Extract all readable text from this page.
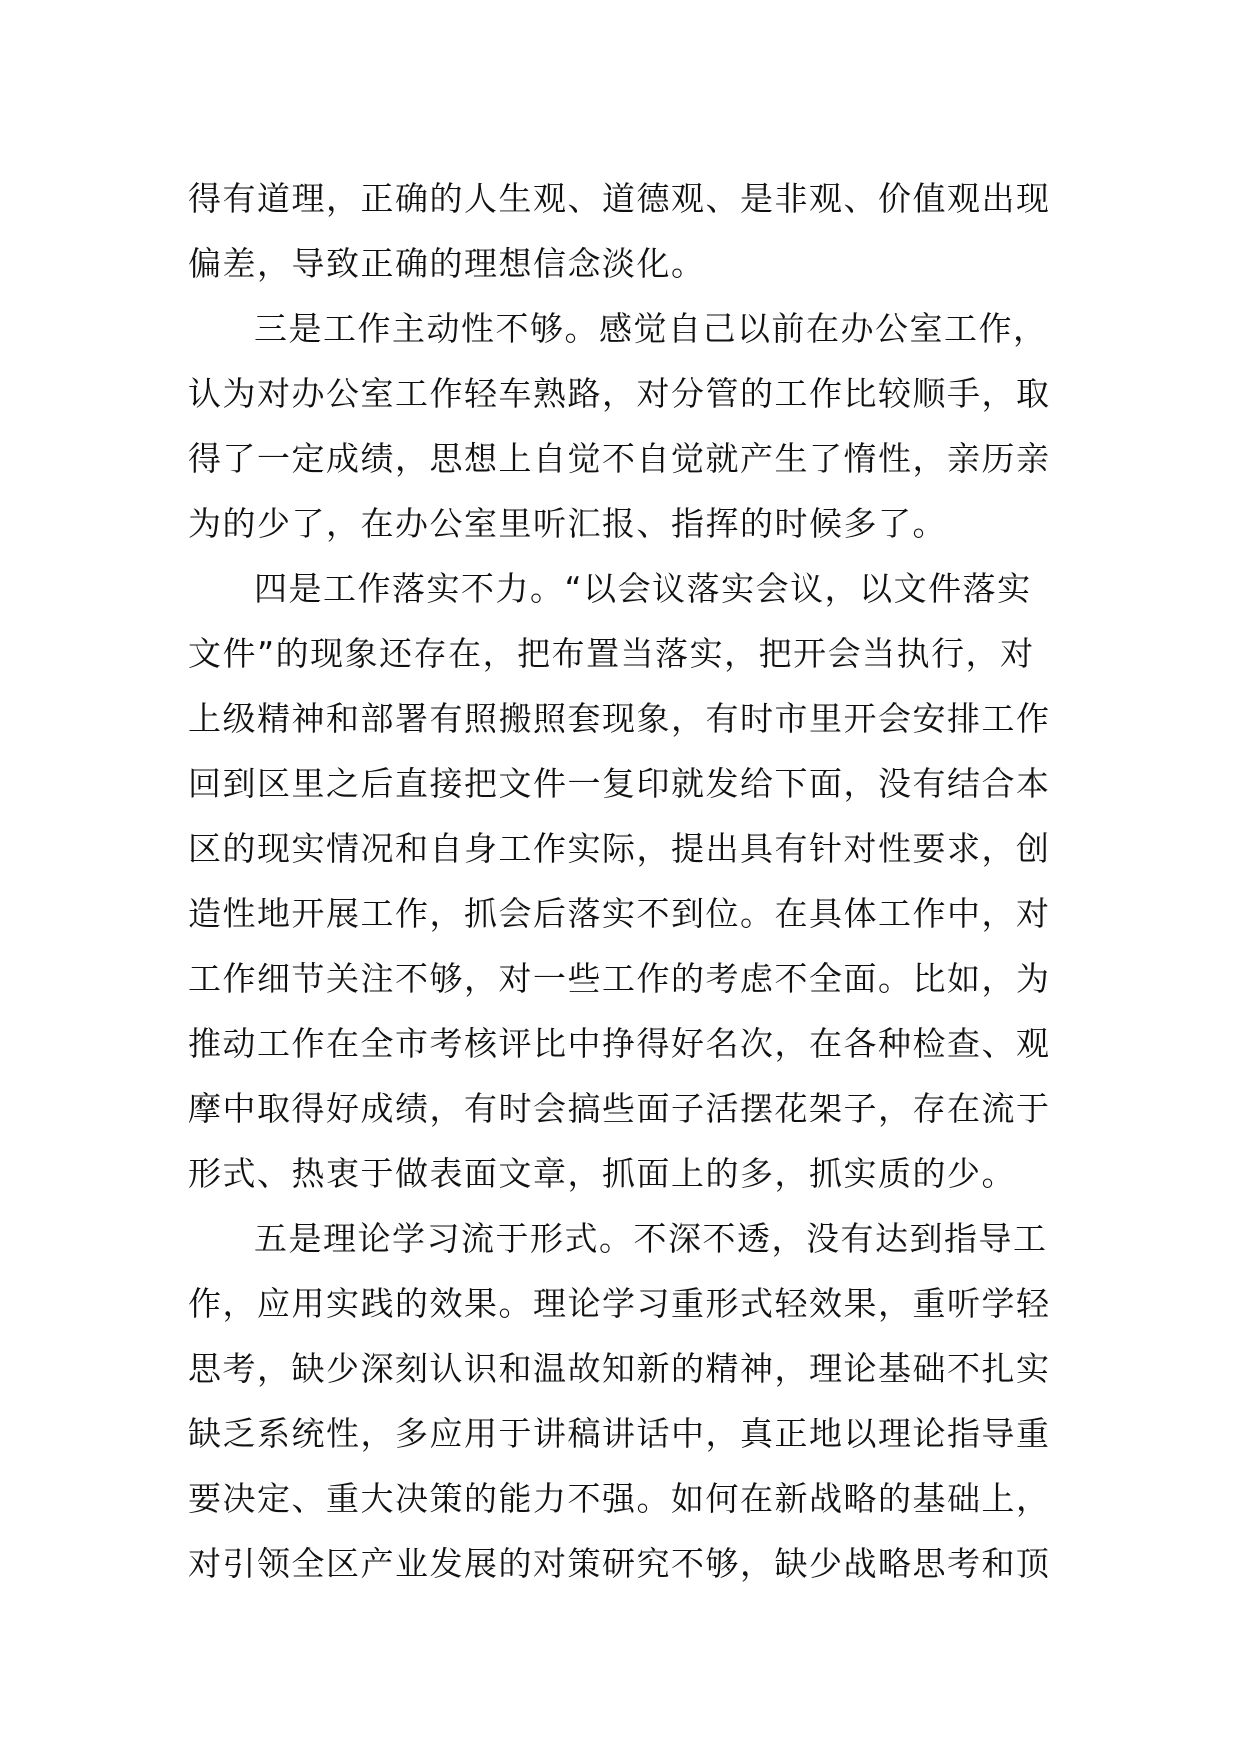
得有道理，正确的人生观、道德观、是非观、价值观出现
偏差，导致正确的理想信念淡化。
三是工作主动性不够。感觉自己以前在办公室工作，
认为对办公室工作轻车熟路，对分管的工作比较顺手，取
得了一定成绩，思想上自觉不自觉就产生了惰性，亲历亲
为的少了，在办公室里听汇报、指挥的时候多了。
四是工作落实不力。“以会议落实会议，以文件落实
文件”的现象还存在，把布置当落实，把开会当执行，对
上级精神和部署有照搬照套现象，有时市里开会安排工作
回到区里之后直接把文件一复印就发给下面，没有结合本
区的现实情况和自身工作实际，提出具有针对性要求，创
造性地开展工作，抓会后落实不到位。在具体工作中，对
工作细节关注不够，对一些工作的考虑不全面。比如，为
推动工作在全市考核评比中挣得好名次，在各种检查、观
摩中取得好成绩，有时会搞些面子活摆花架子，存在流于
形式、热衷于做表面文章，抓面上的多，抓实质的少。
五是理论学习流于形式。不深不透，没有达到指导工
作，应用实践的效果。理论学习重形式轻效果，重听学轻
思考，缺少深刻认识和温故知新的精神，理论基础不扎实
缺乏系统性，多应用于讲稿讲话中，真正地以理论指导重
要决定、重大决策的能力不强。如何在新战略的基础上，
对引领全区产业发展的对策研究不够，缺少战略思考和顶
